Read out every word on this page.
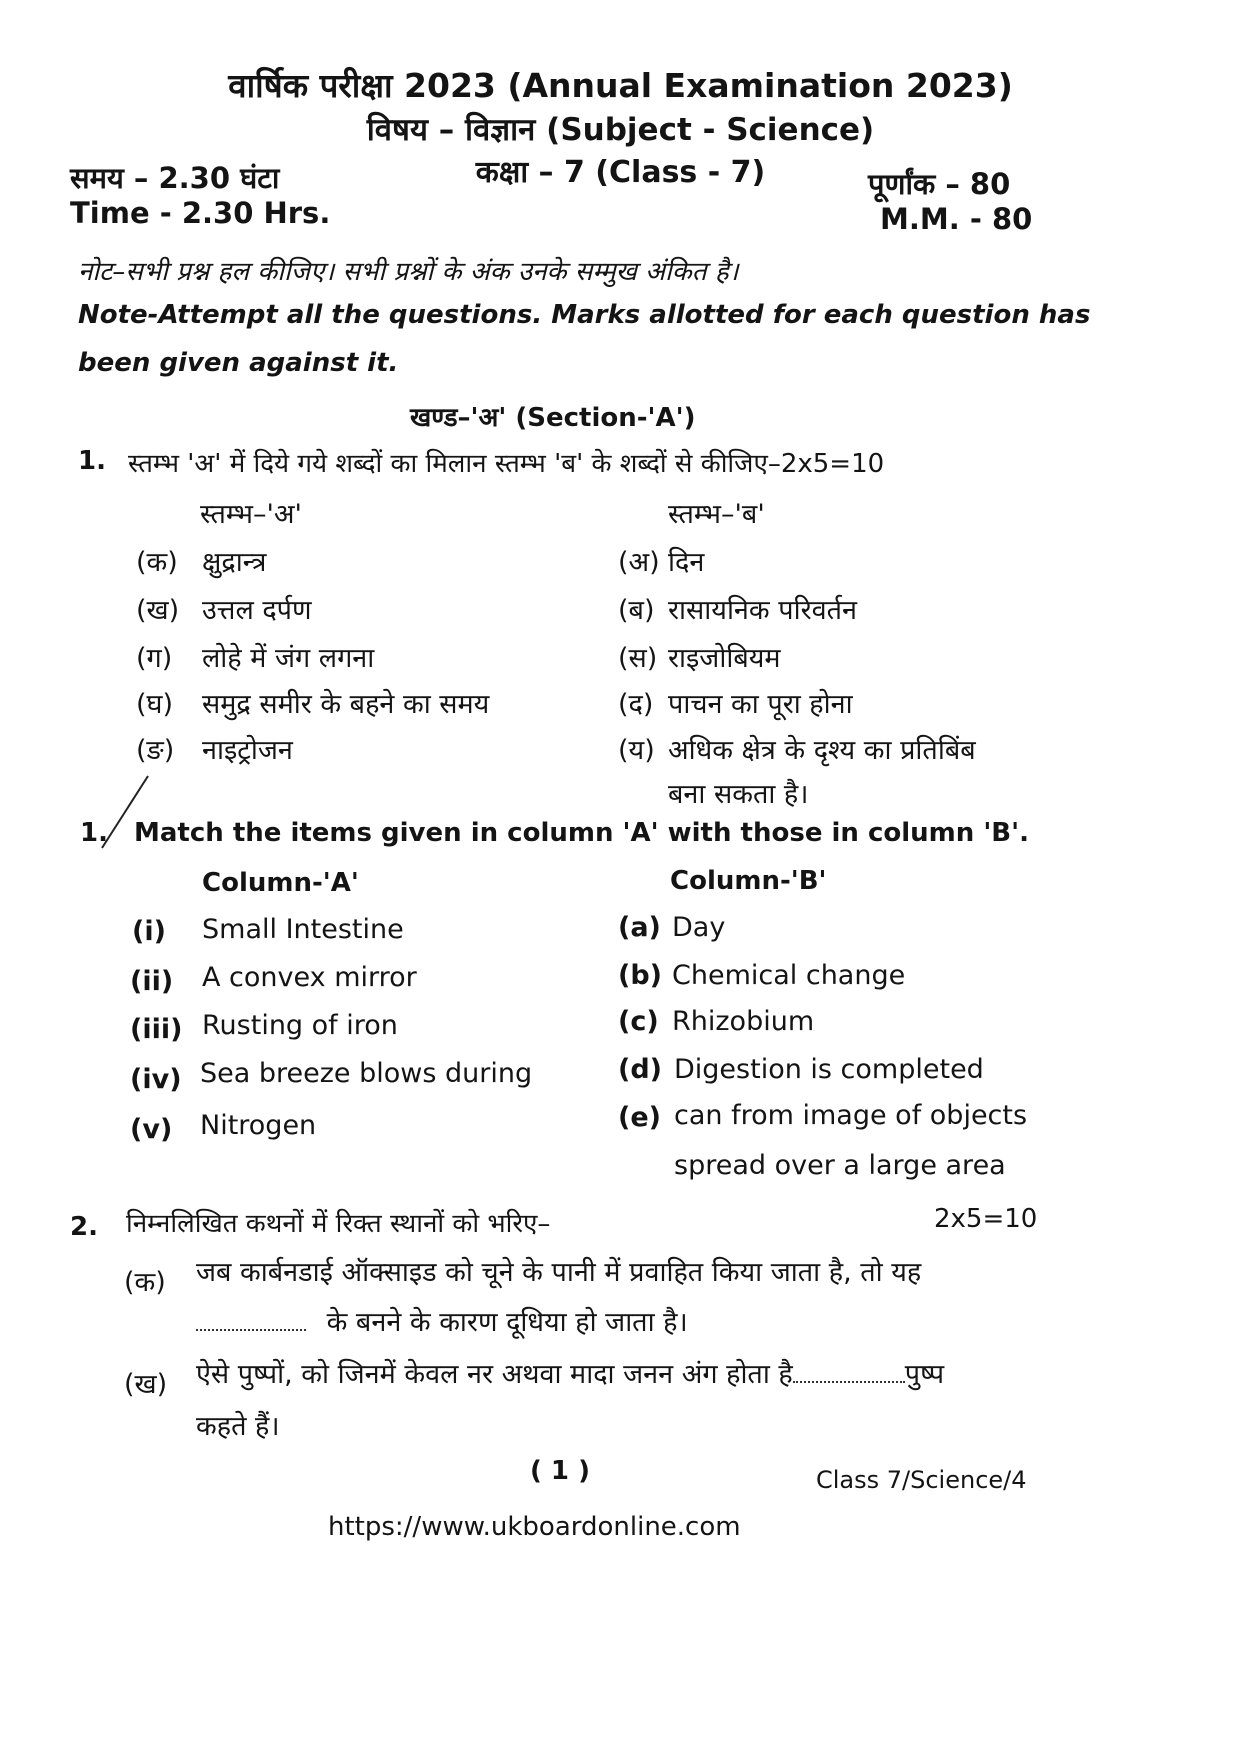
वार्षिक परीक्षा 2023 (Annual Examination 2023)
विषय – विज्ञान (Subject - Science)
कक्षा – 7 (Class - 7)
समय – 2.30 घंटा
Time - 2.30 Hrs.
पूर्णांक – 80
M.M. - 80
नोट–सभी प्रश्न हल कीजिए। सभी प्रश्नों के अंक उनके सम्मुख अंकित है।
Note-Attempt all the questions. Marks allotted for each question has
been given against it.
खण्ड–'अ' (Section-'A')
1. स्तम्भ 'अ' में दिये गये शब्दों का मिलान स्तम्भ 'ब' के शब्दों से कीजिए–2x5=10
स्तम्भ–'अ'	स्तम्भ–'ब'
(क) क्षुद्रान्त्र	(अ) दिन
(ख) उत्तल दर्पण	(ब) रासायनिक परिवर्तन
(ग) लोहे में जंग लगना	(स) राइजोबियम
(घ) समुद्र समीर के बहने का समय	(द) पाचन का पूरा होना
(ङ) नाइट्रोजन	(य) अधिक क्षेत्र के दृश्य का प्रतिबिंब
बना सकता है।
1. Match the items given in column 'A' with those in column 'B'.
Column-'A'	Column-'B'
(i) Small Intestine	(a) Day
(ii) A convex mirror	(b) Chemical change
(iii) Rusting of iron	(c) Rhizobium
(iv) Sea breeze blows during	(d) Digestion is completed
(v) Nitrogen	(e) can from image of objects
spread over a large area
2. निम्नलिखित कथनों में रिक्त स्थानों को भरिए–	2x5=10
(क) जब कार्बनडाई ऑक्साइड को चूने के पानी में प्रवाहित किया जाता है, तो यह
के बनने के कारण दूधिया हो जाता है।
(ख) ऐसे पुष्पों, को जिनमें केवल नर अथवा मादा जनन अंग होता है	पुष्प
कहते हैं।
( 1 )	Class 7/Science/4
https://www.ukboardonline.com
